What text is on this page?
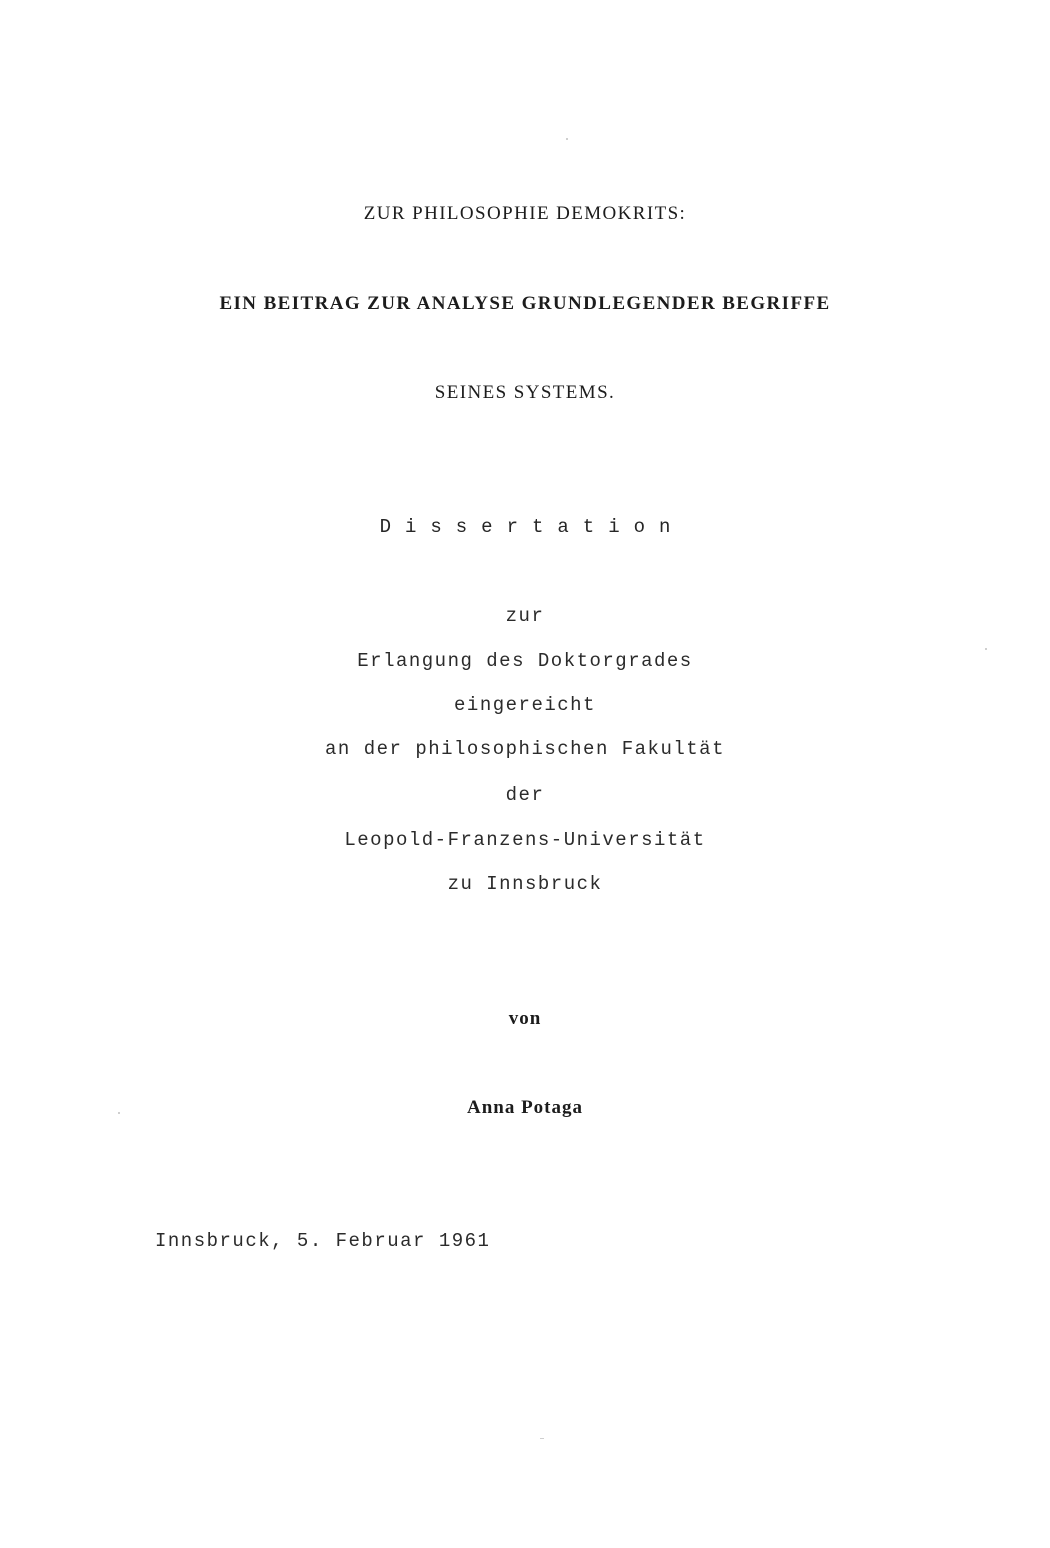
ZUR PHILOSOPHIE DEMOKRITS:
EIN BEITRAG ZUR ANALYSE GRUNDLEGENDER BEGRIFFE
SEINES SYSTEMS.
Dissertation
zur
Erlangung des Doktorgrades
eingereicht
an der philosophischen Fakultät
der
Leopold-Franzens-Universität
zu Innsbruck
von
Anna Potaga
Innsbruck, 5. Februar 1961
